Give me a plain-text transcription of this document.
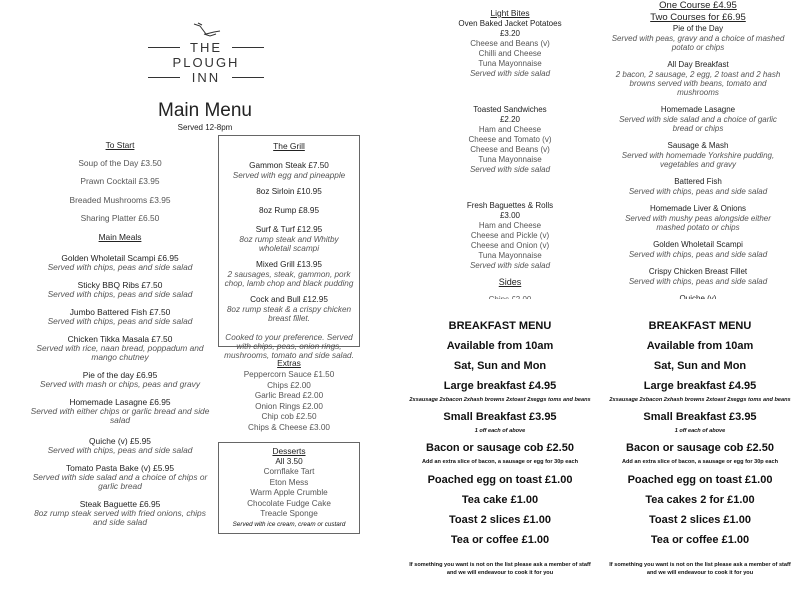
THE
PLOUGH
INN
Main Menu
Served 12-8pm
To Start
Soup of the Day £3.50
Prawn Cocktail £3.95
Breaded Mushrooms £3.95
Sharing Platter £6.50
Main Meals
Golden Wholetail Scampi £6.95
Served with chips, peas and side salad
Sticky BBQ Ribs £7.50
Served with chips, peas and side salad
Jumbo Battered Fish £7.50
Served with chips, peas and side salad
Chicken Tikka Masala £7.50
Served with rice, naan bread, poppadum and mango chutney
Pie of the day £6.95
Served with mash or chips, peas and gravy
Homemade Lasagne £6.95
Served with either chips or garlic bread and side salad
Quiche (v) £5.95
Served with chips, peas and side salad
Tomato Pasta Bake (v) £5.95
Served with side salad and a choice of chips or garlic bread
Steak Baguette £6.95
8oz rump steak served with fried onions, chips and side salad
The Grill
Gammon Steak £7.50
Served with egg and pineapple
8oz Sirloin £10.95
8oz Rump £8.95
Surf & Turf £12.95
8oz rump steak and Whitby wholetail scampi
Mixed Grill £13.95
2 sausages, steak, gammon, pork chop, lamb chop and black pudding
Cock and Bull £12.95
8oz rump steak & a crispy chicken breast fillet.
Cooked to your preference. Served with chips, peas, onion rings, mushrooms, tomato and side salad.
Extras
Peppercorn Sauce £1.50
Chips £2.00
Garlic Bread £2.00
Onion Rings £2.00
Chip cob £2.50
Chips & Cheese £3.00
Desserts
All 3.50
Cornflake Tart
Eton Mess
Warm Apple Crumble
Chocolate Fudge Cake
Treacle Sponge
Served with ice cream, cream or custard
Light Bites
Oven Baked Jacket Potatoes
£3.20
Cheese and Beans (v)
Chilli and Cheese
Tuna Mayonnaise
Served with side salad
Toasted Sandwiches
£2.20
Ham and Cheese
Cheese and Tomato (v)
Cheese and Beans (v)
Tuna Mayonnaise
Served with side salad
Fresh Baguettes & Rolls
£3.00
Ham and Cheese
Cheese and Pickle (v)
Cheese and Onion (v)
Tuna Mayonnaise
Served with side salad
Sides
One Course £4.95
Two Courses for £6.95
Pie of the Day
Served with peas, gravy and a choice of mashed potato or chips
All Day Breakfast
2 bacon, 2 sausage, 2 egg, 2 toast and 2 hash browns served with beans, tomato and mushrooms
Homemade Lasagne
Served with side salad and a choice of garlic bread or chips
Sausage & Mash
Served with homemade Yorkshire pudding, vegetables and gravy
Battered Fish
Served with chips, peas and side salad
Homemade Liver & Onions
Served with mushy peas alongside either mashed potato or chips
Golden Wholetail Scampi
Served with chips, peas and side salad
Crispy Chicken Breast Fillet
Served with chips, peas and side salad
BREAKFAST MENU
Available from 10am
Sat, Sun and Mon
Large breakfast £4.95
2xsausage 2xbacon 2xhash browns 2xtoast 2xeggs toms and beans
Small Breakfast £3.95
1 off each of above
Bacon or sausage cob £2.50
Add an extra slice of bacon, a sausage or egg for 30p each
Poached egg on toast £1.00
Tea cake £1.00
Toast 2 slices £1.00
Tea or coffee £1.00
If something you want is not on the list please ask a member of staff and we will endeavour to cook it for you
BREAKFAST MENU
Available from 10am
Sat, Sun and Mon
Large breakfast £4.95
2xsausage 2xbacon 2xhash browns 2xtoast 2xeggs toms and beans
Small Breakfast £3.95
1 off each of above
Bacon or sausage cob £2.50
Add an extra slice of bacon, a sausage or egg for 30p each
Poached egg on toast £1.00
Tea cakes 2 for £1.00
Toast 2 slices £1.00
Tea or coffee £1.00
If something you want is not on the list please ask a member of staff and we will endeavour to cook it for you
